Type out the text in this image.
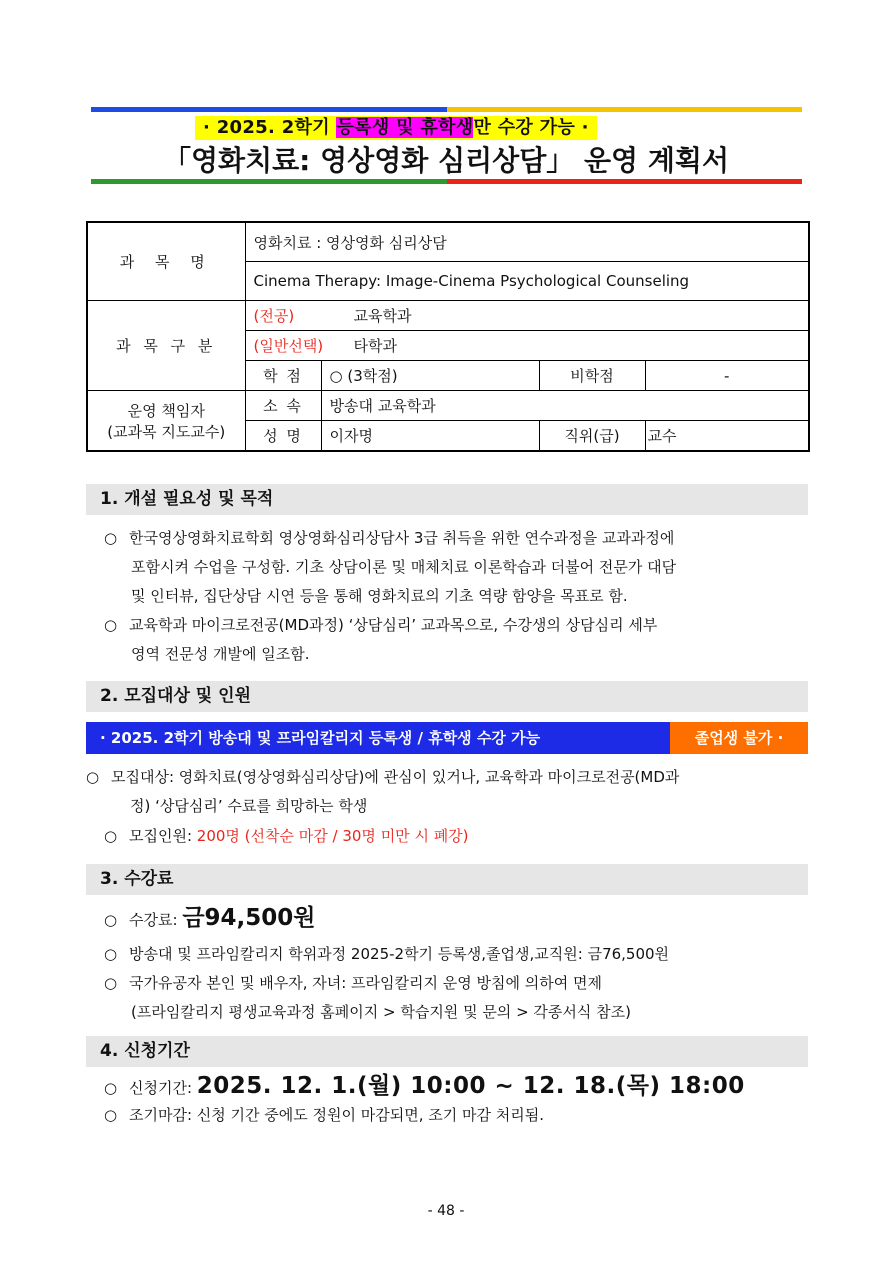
· 2025. 2학기 등록생 및 휴학생만 수강 가능 ·
「영화치료: 영상영화 심리상담」 운영 계획서
과 목 명	영화치료 : 영상영화 심리상담			
	Cinema Therapy: Image-Cinema Psychological Counseling			
과 목 구 분	(전공) 교육학과			
	(일반선택) 타학과			
	학 점	○ (3학점)	비학점	-

운영 책임자
(교과목 지도교수)	소 속	방송대 교육학과		
	성 명	이자명	직위(급)	교수
1. 개설 필요성 및 목적
○ 한국영상영화치료학회 영상영화심리상담사 3급 취득을 위한 연수과정을 교과과정에
포함시켜 수업을 구성함. 기초 상담이론 및 매체치료 이론학습과 더불어 전문가 대담
및 인터뷰, 집단상담 시연 등을 통해 영화치료의 기초 역량 함양을 목표로 함.
○ 교육학과 마이크로전공(MD과정) ‘상담심리’ 교과목으로, 수강생의 상담심리 세부
영역 전문성 개발에 일조함.
2. 모집대상 및 인원
· 2025. 2학기 방송대 및 프라임칼리지 등록생 / 휴학생 수강 가능	졸업생 불가 ·
○ 모집대상: 영화치료(영상영화심리상담)에 관심이 있거나, 교육학과 마이크로전공(MD과
정) ‘상담심리’ 수료를 희망하는 학생
○ 모집인원: 200명 (선착순 마감 / 30명 미만 시 폐강)
3. 수강료
○ 수강료: 금94,500원
○ 방송대 및 프라임칼리지 학위과정 2025-2학기 등록생,졸업생,교직원: 금76,500원
○ 국가유공자 본인 및 배우자, 자녀: 프라임칼리지 운영 방침에 의하여 면제
(프라임칼리지 평생교육과정 홈페이지 > 학습지원 및 문의 > 각종서식 참조)
4. 신청기간
○ 신청기간: 2025. 12. 1.(월) 10:00 ~ 12. 18.(목) 18:00
○ 조기마감: 신청 기간 중에도 정원이 마감되면, 조기 마감 처리됨.
- 48 -
